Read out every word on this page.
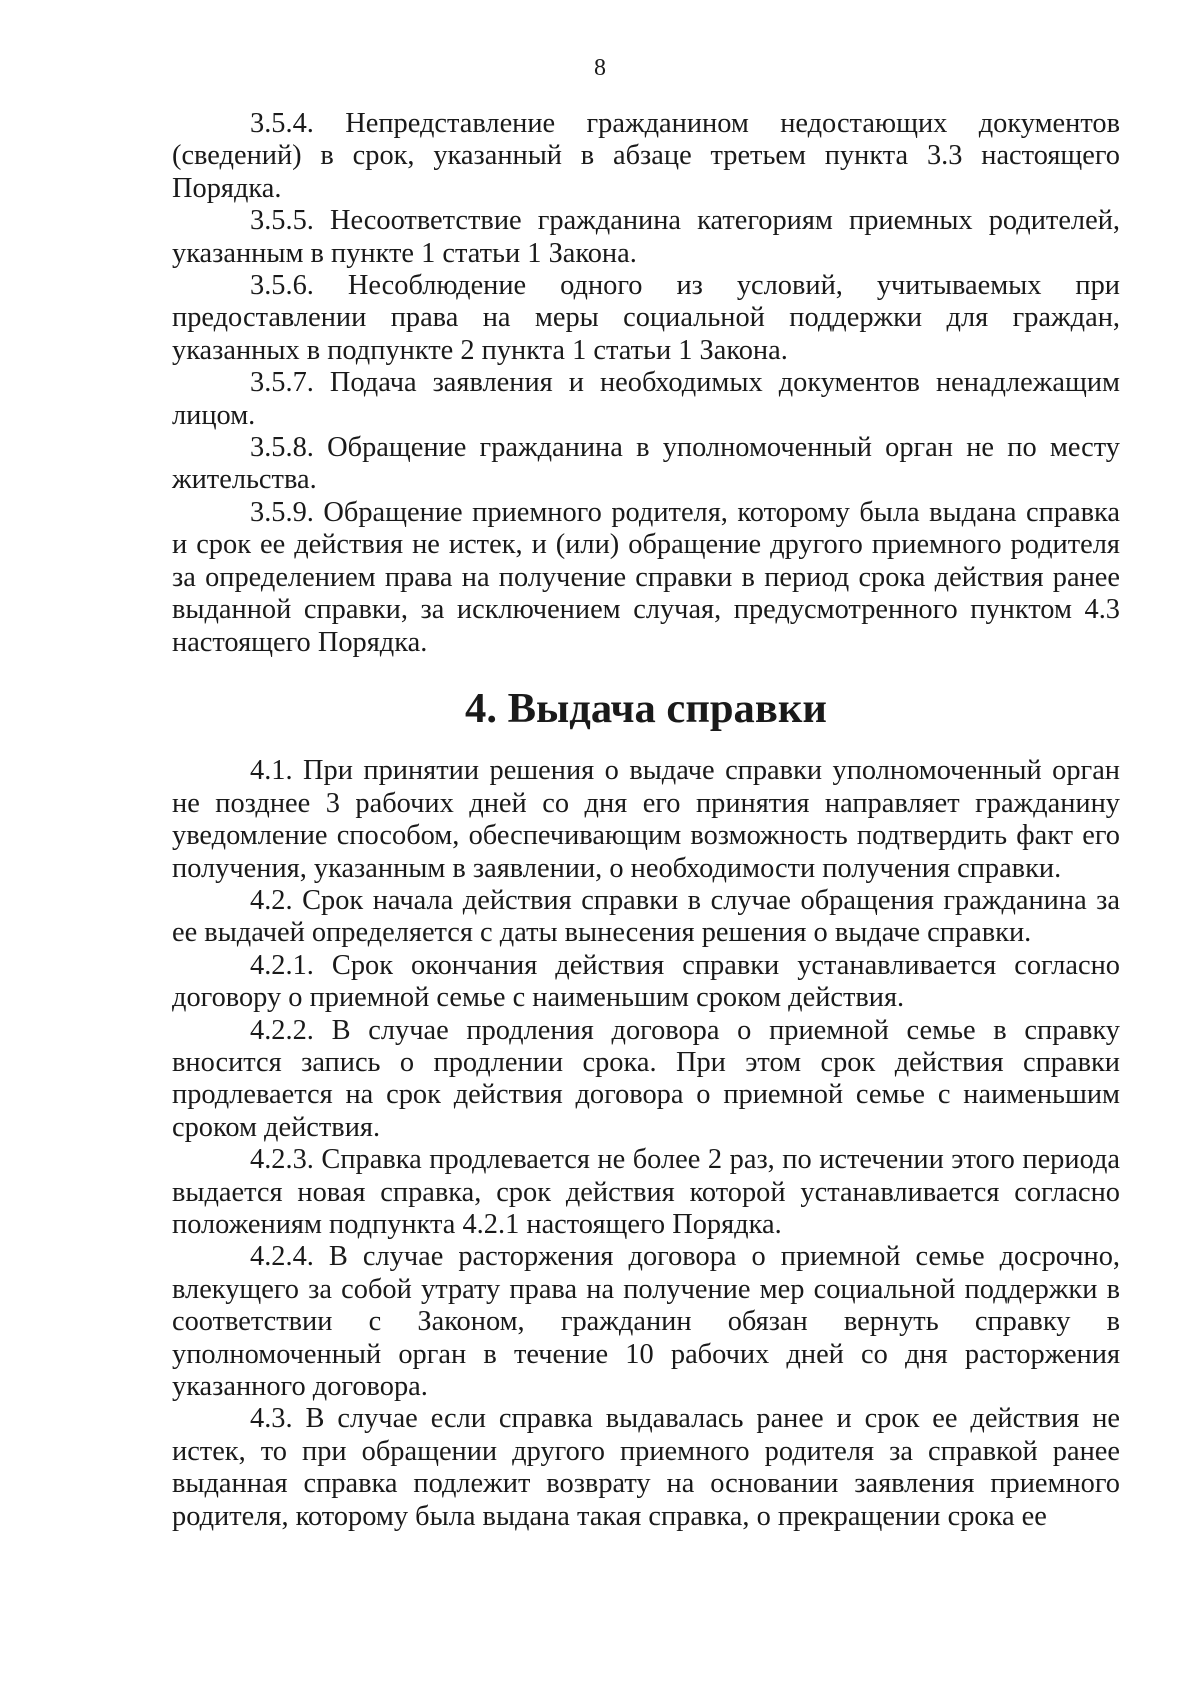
8

3.5.4. Непредставление гражданином недостающих документов (сведений) в срок, указанный в абзаце третьем пункта 3.3 настоящего Порядка.

3.5.5. Несоответствие гражданина категориям приемных родителей, указанным в пункте 1 статьи 1 Закона.

3.5.6. Несоблюдение одного из условий, учитываемых при предоставлении права на меры социальной поддержки для граждан, указанных в подпункте 2 пункта 1 статьи 1 Закона.

3.5.7. Подача заявления и необходимых документов ненадлежащим лицом.

3.5.8. Обращение гражданина в уполномоченный орган не по месту жительства.

3.5.9. Обращение приемного родителя, которому была выдана справка и срок ее действия не истек, и (или) обращение другого приемного родителя за определением права на получение справки в период срока действия ранее выданной справки, за исключением случая, предусмотренного пунктом 4.3 настоящего Порядка.

4. Выдача справки

4.1. При принятии решения о выдаче справки уполномоченный орган не позднее 3 рабочих дней со дня его принятия направляет гражданину уведомление способом, обеспечивающим возможность подтвердить факт его получения, указанным в заявлении, о необходимости получения справки.

4.2. Срок начала действия справки в случае обращения гражданина за ее выдачей определяется с даты вынесения решения о выдаче справки.

4.2.1. Срок окончания действия справки устанавливается согласно договору о приемной семье с наименьшим сроком действия.

4.2.2. В случае продления договора о приемной семье в справку вносится запись о продлении срока. При этом срок действия справки продлевается на срок действия договора о приемной семье с наименьшим сроком действия.

4.2.3. Справка продлевается не более 2 раз, по истечении этого периода выдается новая справка, срок действия которой устанавливается согласно положениям подпункта 4.2.1 настоящего Порядка.

4.2.4. В случае расторжения договора о приемной семье досрочно, влекущего за собой утрату права на получение мер социальной поддержки в соответствии с Законом, гражданин обязан вернуть справку в уполномоченный орган в течение 10 рабочих дней со дня расторжения указанного договора.

4.3. В случае если справка выдавалась ранее и срок ее действия не истек, то при обращении другого приемного родителя за справкой ранее выданная справка подлежит возврату на основании заявления приемного родителя, которому была выдана такая справка, о прекращении срока ее
